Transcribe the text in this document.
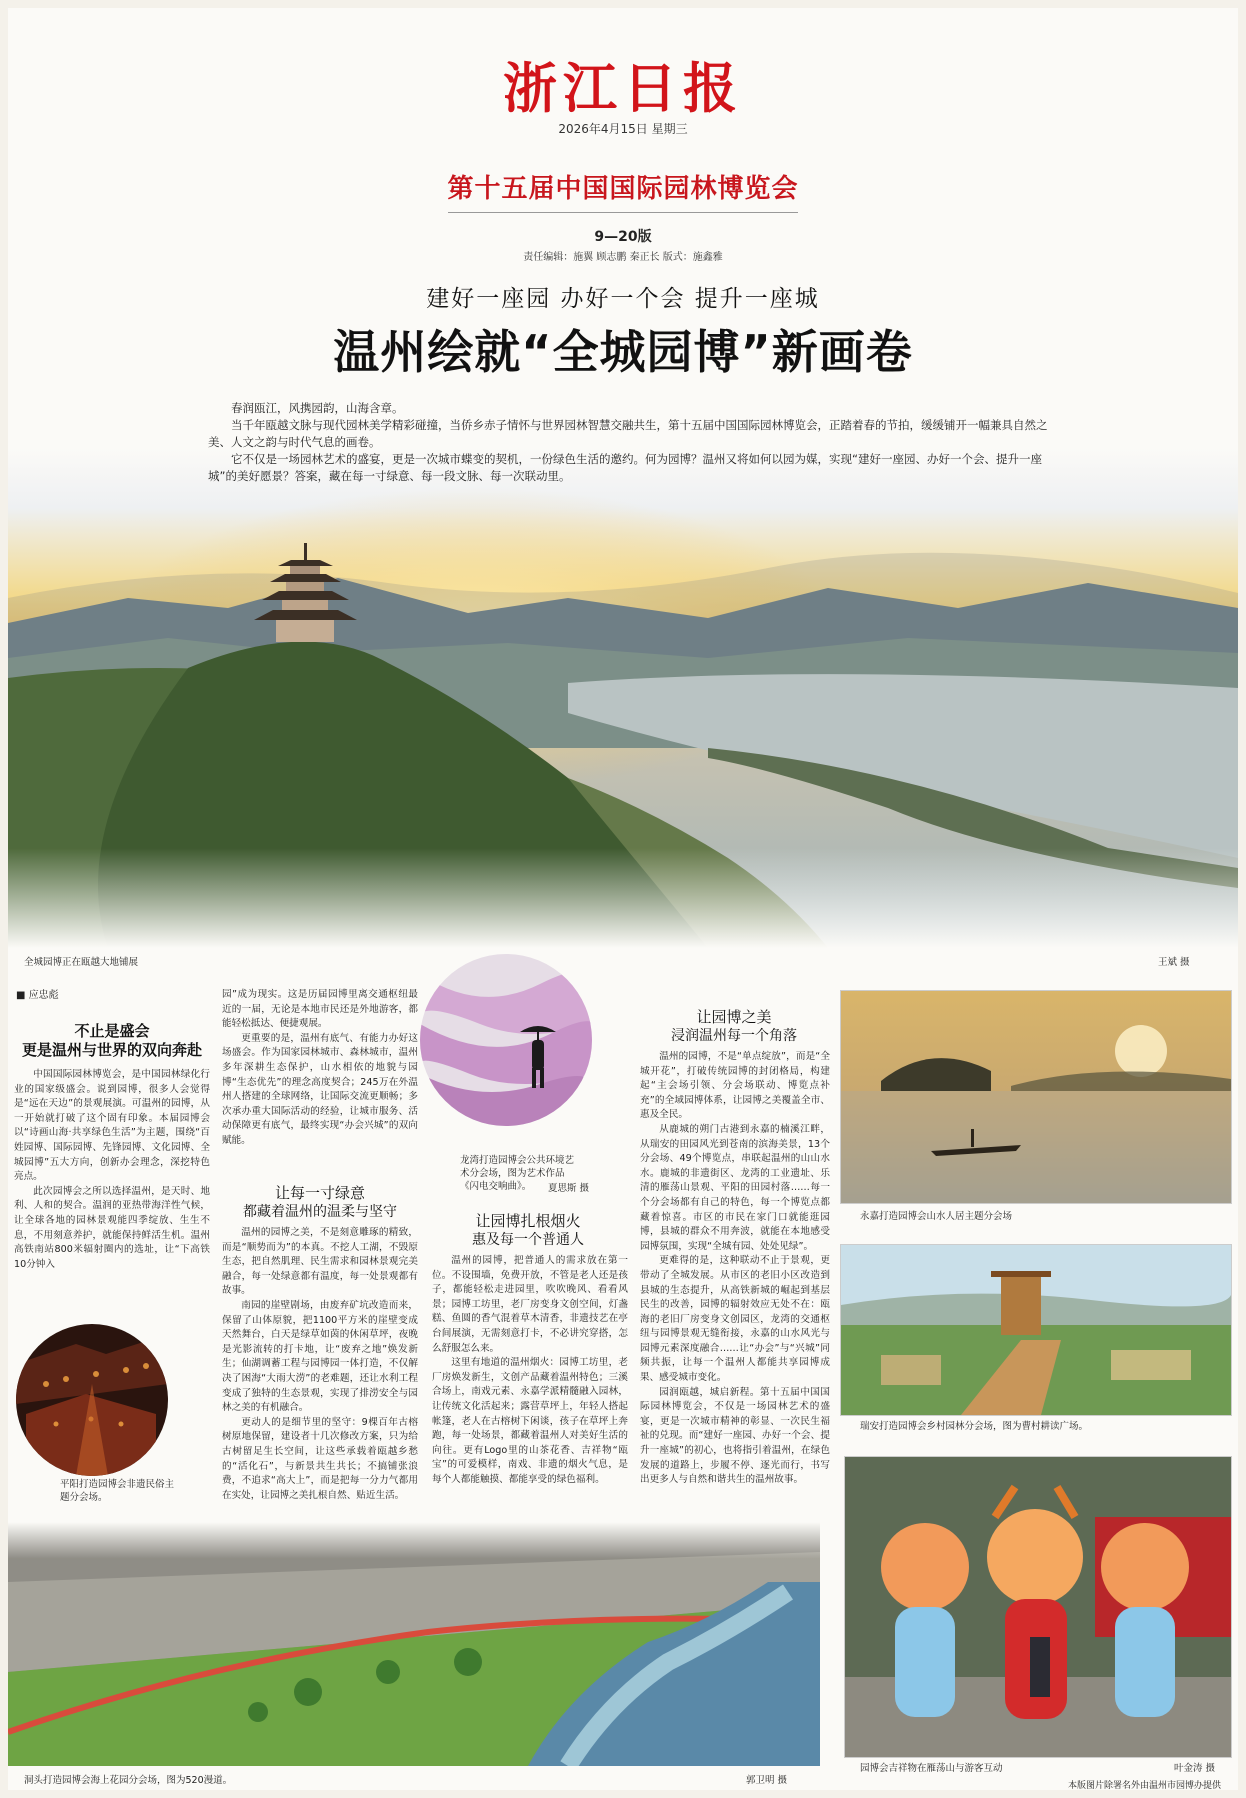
浙江日报
2026年4月15日 星期三
第十五届中国国际园林博览会
9—20版
责任编辑：施翼 顾志鹏 秦正长 版式：施鑫雅
建好一座园 办好一个会 提升一座城
温州绘就“全城园博”新画卷

春润瓯江，风携园韵，山海含章。

当千年瓯越文脉与现代园林美学精彩碰撞，当侨乡赤子情怀与世界园林智慧交融共生，第十五届中国国际园林博览会，正踏着春的节拍，缓缓铺开一幅兼具自然之美、人文之韵与时代气息的画卷。

它不仅是一场园林艺术的盛宴，更是一次城市蝶变的契机，一份绿色生活的邀约。何为园博？温州又将如何以园为媒，实现“建好一座园、办好一个会、提升一座城”的美好愿景？答案，藏在每一寸绿意、每一段文脉、每一次联动里。

全城园博正在瓯越大地铺展	王斌 摄
■ 应忠彪
不止是盛会
更是温州与世界的双向奔赴

中国国际园林博览会，是中国园林绿化行业的国家级盛会。说到园博，很多人会觉得是“远在天边”的景观展演。可温州的园博，从一开始就打破了这个固有印象。本届园博会以“诗画山海·共享绿色生活”为主题，围绕“百姓园博、国际园博、先锋园博、文化园博、全城园博”五大方向，创新办会理念，深挖特色亮点。

此次园博会之所以选择温州，是天时、地利、人和的契合。温润的亚热带海洋性气候，让全球各地的园林景观能四季绽放、生生不息，不用刻意养护，就能保持鲜活生机。温州高铁南站800米辐射圈内的选址，让“下高铁10分钟入

平阳打造园博会非遗民俗主题分会场。

园”成为现实。这是历届园博里离交通枢纽最近的一届，无论是本地市民还是外地游客，都能轻松抵达、便捷观展。

更重要的是，温州有底气、有能力办好这场盛会。作为国家园林城市、森林城市，温州多年深耕生态保护，山水相依的地貌与园博“生态优先”的理念高度契合；245万在外温州人搭建的全球网络，让国际交流更顺畅；多次承办重大国际活动的经验，让城市服务、活动保障更有底气，最终实现“办会兴城”的双向赋能。

让每一寸绿意
都藏着温州的温柔与坚守

温州的园博之美，不是刻意雕琢的精致，而是“顺势而为”的本真。不挖人工湖，不毁原生态，把自然肌理、民生需求和园林景观完美融合，每一处绿意都有温度，每一处景观都有故事。

南园的崖壁剧场，由废弃矿坑改造而来，保留了山体原貌，把1100平方米的崖壁变成天然舞台，白天是绿草如茵的休闲草坪，夜晚是光影流转的打卡地，让“废弃之地”焕发新生；仙湖调蓄工程与园博园一体打造，不仅解决了困海“大雨大涝”的老难题，还让水利工程变成了独特的生态景观，实现了排涝安全与园林之美的有机融合。

更动人的是细节里的坚守：9棵百年古榕树原地保留，建设者十几次修改方案，只为给古树留足生长空间，让这些承载着瓯越乡愁的“活化石”，与新景共生共长；不搞铺张浪费，不追求“高大上”，而是把每一分力气都用在实处，让园博之美扎根自然、贴近生活。

龙湾打造园博会公共环境艺术分会场，图为艺术作品《闪电交响曲》。	夏思斯 摄
让园博扎根烟火
惠及每一个普通人

温州的园博，把普通人的需求放在第一位。不设围墙，免费开放，不管是老人还是孩子，都能轻松走进园里，吹吹晚风、看看风景；园博工坊里，老厂房变身文创空间，灯盏糕、鱼圆的香气混着草木清香，非遗技艺在亭台间展演，无需刻意打卡，不必讲究穿搭，怎么舒服怎么来。

这里有地道的温州烟火：园博工坊里，老厂房焕发新生，文创产品藏着温州特色；三溪合场上，南戏元素、永嘉学派精髓融入园林，让传统文化活起来；露营草坪上，年轻人搭起帐篷，老人在古榕树下闲谈，孩子在草坪上奔跑，每一处场景，都藏着温州人对美好生活的向往。更有Logo里的山茶花香、吉祥物“瓯宝”的可爱模样，南戏、非遗的烟火气息，是每个人都能触摸、都能享受的绿色福利。

让园博之美
浸润温州每一个角落

温州的园博，不是“单点绽放”，而是“全城开花”，打破传统园博的封闭格局，构建起“主会场引领、分会场联动、博览点补充”的全域园博体系，让园博之美覆盖全市、惠及全民。

从鹿城的朔门古港到永嘉的楠溪江畔，从瑞安的田园风光到苍南的滨海美景，13个分会场、49个博览点，串联起温州的山山水水。鹿城的非遗街区、龙湾的工业遗址、乐清的雁荡山景观、平阳的田园村落……每一个分会场都有自己的特色，每一个博览点都藏着惊喜。市区的市民在家门口就能逛园博，县城的群众不用奔波，就能在本地感受园博氛围，实现“全城有园、处处见绿”。

更难得的是，这种联动不止于景观，更带动了全城发展。从市区的老旧小区改造到县城的生态提升，从高铁新城的崛起到基层民生的改善，园博的辐射效应无处不在：瓯海的老旧厂房变身文创园区，龙湾的交通枢纽与园博景观无缝衔接，永嘉的山水风光与园博元素深度融合……让“办会”与“兴城”同频共振，让每一个温州人都能共享园博成果、感受城市变化。

园润瓯越，城启新程。第十五届中国国际园林博览会，不仅是一场园林艺术的盛宴，更是一次城市精神的彰显、一次民生福祉的兑现。而“建好一座园、办好一个会、提升一座城”的初心，也将指引着温州，在绿色发展的道路上，步履不停、逐光而行，书写出更多人与自然和谐共生的温州故事。

永嘉打造园博会山水人居主题分会场
瑞安打造园博会乡村园林分会场，图为曹村耕读广场。
园博会吉祥物在雁荡山与游客互动	叶金涛 摄
洞头打造园博会海上花园分会场，图为520漫道。	郭卫明 摄	本版图片除署名外由温州市园博办提供
